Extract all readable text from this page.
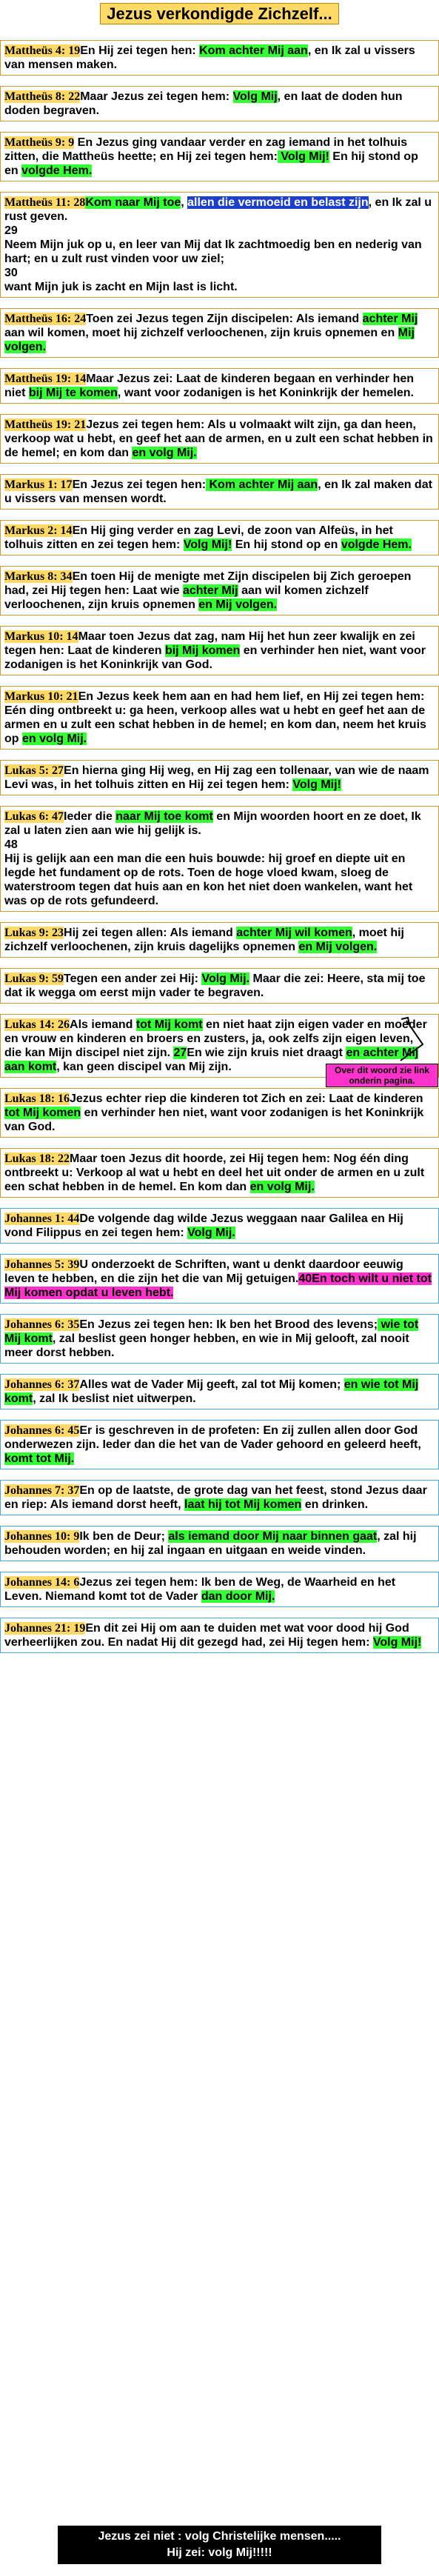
Jezus verkondigde Zichzelf...
Mattheüs 4: 19En Hij zei tegen hen: Kom achter Mij aan, en Ik zal u vissers van mensen maken.
Mattheüs 8: 22Maar Jezus zei tegen hem: Volg Mij, en laat de doden hun doden begraven.
Mattheüs 9: 9 En Jezus ging vandaar verder en zag iemand in het tolhuis zitten, die Mattheüs heette; en Hij zei tegen hem: Volg Mij! En hij stond op en volgde Hem.
Mattheüs 11: 28Kom naar Mij toe, allen die vermoeid en belast zijn, en Ik zal u rust geven.
29
Neem Mijn juk op u, en leer van Mij dat Ik zachtmoedig ben en nederig van hart; en u zult rust vinden voor uw ziel;
30
want Mijn juk is zacht en Mijn last is licht.
Mattheüs 16: 24Toen zei Jezus tegen Zijn discipelen: Als iemand achter Mij aan wil komen, moet hij zichzelf verloochenen, zijn kruis opnemen en Mij volgen.
Mattheüs 19: 14Maar Jezus zei: Laat de kinderen begaan en verhinder hen niet bij Mij te komen, want voor zodanigen is het Koninkrijk der hemelen.
Mattheüs 19: 21Jezus zei tegen hem: Als u volmaakt wilt zijn, ga dan heen, verkoop wat u hebt, en geef het aan de armen, en u zult een schat hebben in de hemel; en kom dan en volg Mij.
Markus 1: 17En Jezus zei tegen hen: Kom achter Mij aan, en Ik zal maken dat u vissers van mensen wordt.
Markus 2: 14En Hij ging verder en zag Levi, de zoon van Alfeüs, in het tolhuis zitten en zei tegen hem: Volg Mij! En hij stond op en volgde Hem.
Markus 8: 34En toen Hij de menigte met Zijn discipelen bij Zich geroepen had, zei Hij tegen hen: Laat wie achter Mij aan wil komen zichzelf verloochenen, zijn kruis opnemen en Mij volgen.
Markus 10: 14Maar toen Jezus dat zag, nam Hij het hun zeer kwalijk en zei tegen hen: Laat de kinderen bij Mij komen en verhinder hen niet, want voor zodanigen is het Koninkrijk van God.
Markus 10: 21En Jezus keek hem aan en had hem lief, en Hij zei tegen hem: Eén ding ontbreekt u: ga heen, verkoop alles wat u hebt en geef het aan de armen en u zult een schat hebben in de hemel; en kom dan, neem het kruis op en volg Mij.
Lukas 5: 27En hierna ging Hij weg, en Hij zag een tollenaar, van wie de naam Levi was, in het tolhuis zitten en Hij zei tegen hem: Volg Mij!
Lukas 6: 47Ieder die naar Mij toe komt en Mijn woorden hoort en ze doet, Ik zal u laten zien aan wie hij gelijk is.
48
Hij is gelijk aan een man die een huis bouwde: hij groef en diepte uit en legde het fundament op de rots. Toen de hoge vloed kwam, sloeg de waterstroom tegen dat huis aan en kon het niet doen wankelen, want het was op de rots gefundeerd.
Lukas 9: 23Hij zei tegen allen: Als iemand achter Mij wil komen, moet hij zichzelf verloochenen, zijn kruis dagelijks opnemen en Mij volgen.
Lukas 9: 59Tegen een ander zei Hij: Volg Mij. Maar die zei: Heere, sta mij toe dat ik wegga om eerst mijn vader te begraven.
Lukas 14: 26Als iemand tot Mij komt en niet haat zijn eigen vader en moeder en vrouw en kinderen en broers en zusters, ja, ook zelfs zijn eigen leven, die kan Mijn discipel niet zijn. 27En wie zijn kruis niet draagt en achter Mij aan komt, kan geen discipel van Mij zijn.	Over dit woord zie link onderin pagina.
Lukas 18: 16Jezus echter riep die kinderen tot Zich en zei: Laat de kinderen tot Mij komen en verhinder hen niet, want voor zodanigen is het Koninkrijk van God.
Lukas 18: 22Maar toen Jezus dit hoorde, zei Hij tegen hem: Nog één ding ontbreekt u: Verkoop al wat u hebt en deel het uit onder de armen en u zult een schat hebben in de hemel. En kom dan en volg Mij.
Johannes 1: 44De volgende dag wilde Jezus weggaan naar Galilea en Hij vond Filippus en zei tegen hem: Volg Mij.
Johannes 5: 39U onderzoekt de Schriften, want u denkt daardoor eeuwig leven te hebben, en die zijn het die van Mij getuigen.40En toch wilt u niet tot Mij komen opdat u leven hebt.
Johannes 6: 35En Jezus zei tegen hen: Ik ben het Brood des levens; wie tot Mij komt, zal beslist geen honger hebben, en wie in Mij gelooft, zal nooit meer dorst hebben.
Johannes 6: 37Alles wat de Vader Mij geeft, zal tot Mij komen; en wie tot Mij komt, zal Ik beslist niet uitwerpen.
Johannes 6: 45Er is geschreven in de profeten: En zij zullen allen door God onderwezen zijn. Ieder dan die het van de Vader gehoord en geleerd heeft, komt tot Mij.
Johannes 7: 37En op de laatste, de grote dag van het feest, stond Jezus daar en riep: Als iemand dorst heeft, laat hij tot Mij komen en drinken.
Johannes 10: 9Ik ben de Deur; als iemand door Mij naar binnen gaat, zal hij behouden worden; en hij zal ingaan en uitgaan en weide vinden.
Johannes 14: 6Jezus zei tegen hem: Ik ben de Weg, de Waarheid en het Leven. Niemand komt tot de Vader dan door Mij.
Johannes 21: 19En dit zei Hij om aan te duiden met wat voor dood hij God verheerlijken zou. En nadat Hij dit gezegd had, zei Hij tegen hem: Volg Mij!
Jezus zei niet : volg Christelijke mensen.....
Hij zei: volg Mij!!!!!
